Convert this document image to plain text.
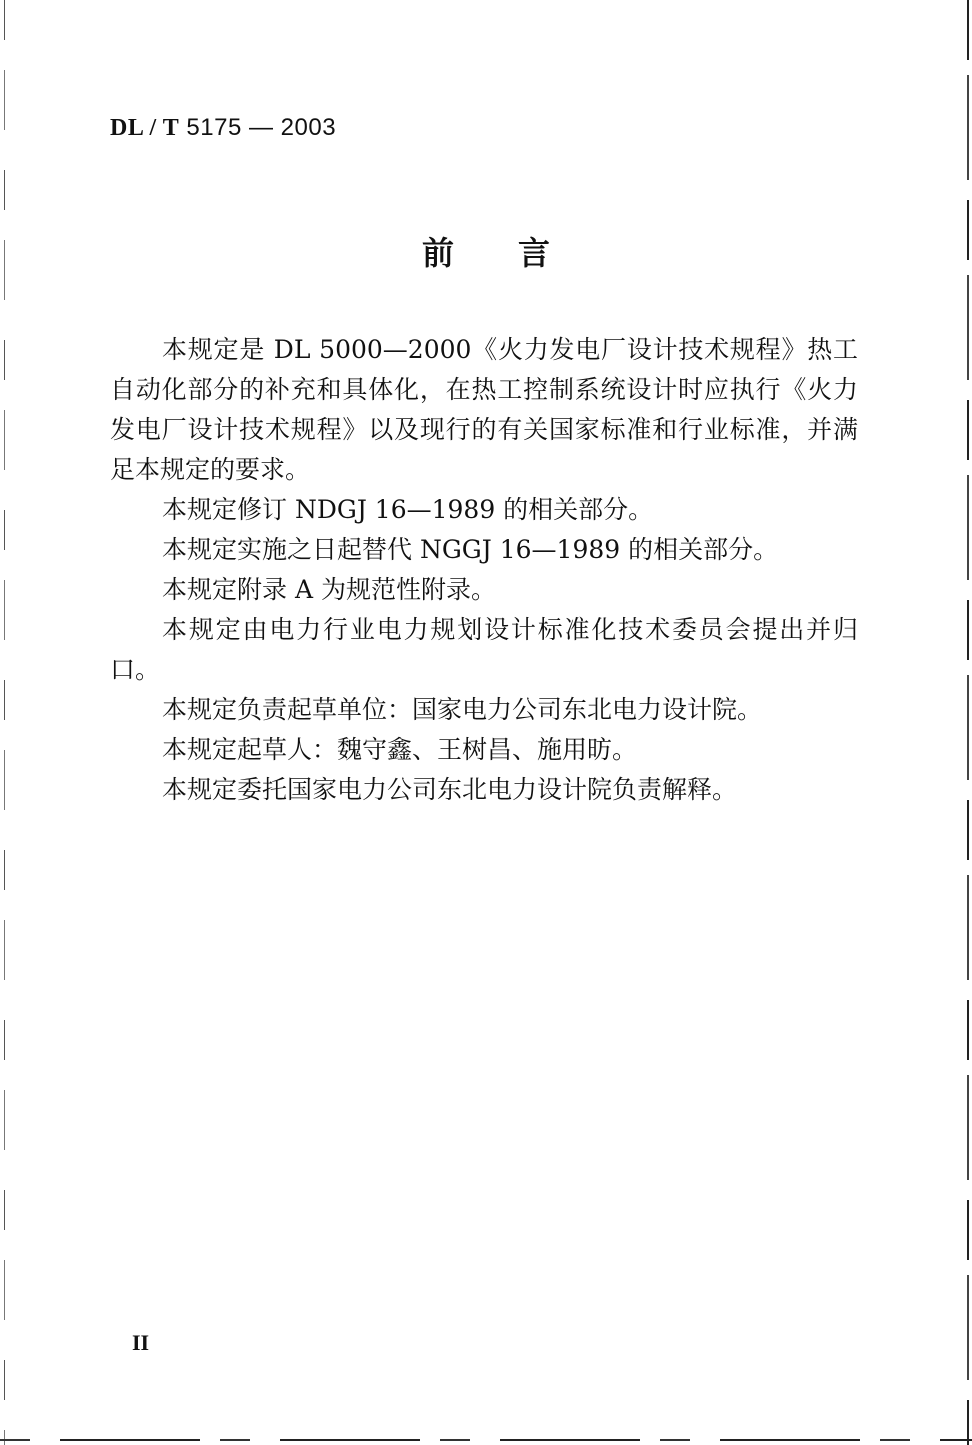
DL / T 5175 — 2003
前言

本规定是 DL 5000—2000《火力发电厂设计技术规程》热工自动化部分的补充和具体化，在热工控制系统设计时应执行《火力发电厂设计技术规程》以及现行的有关国家标准和行业标准，并满足本规定的要求。

本规定修订 NDGJ 16—1989 的相关部分。

本规定实施之日起替代 NGGJ 16—1989 的相关部分。

本规定附录 A 为规范性附录。

本规定由电力行业电力规划设计标准化技术委员会提出并归口。

本规定负责起草单位：国家电力公司东北电力设计院。

本规定起草人：魏守鑫、王树昌、施用昉。

本规定委托国家电力公司东北电力设计院负责解释。

II
